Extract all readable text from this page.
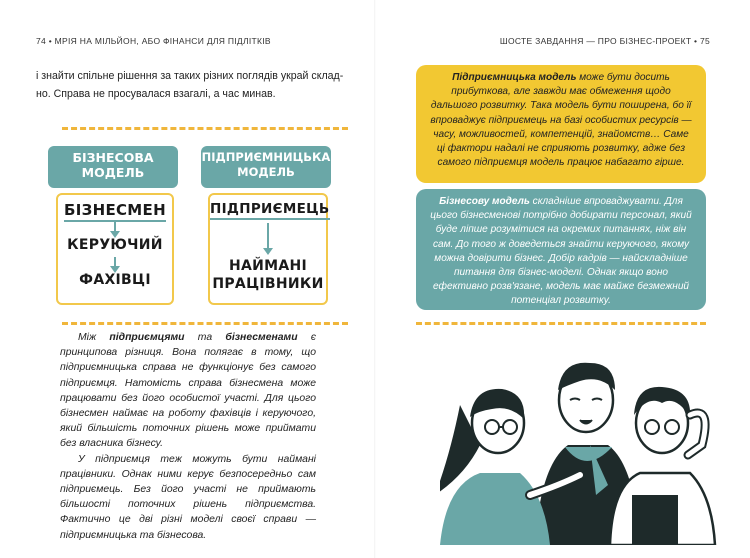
74 • МРІЯ НА МІЛЬЙОН, АБО ФІНАНСИ ДЛЯ ПІДЛІТКІВ	ШОСТЕ ЗАВДАННЯ — ПРО БІЗНЕС-ПРОЕКТ • 75
і знайти спільне рішення за таких різних поглядів украй склад-
но. Справа не просувалася взагалі, а час минав.
БІЗНЕСОВА
МОДЕЛЬ
БІЗНЕСМЕН
КЕРУЮЧИЙ
ФАХІВЦІ
ПІДПРИЄМНИЦЬКА
МОДЕЛЬ
ПІДПРИЄМЕЦЬ
НАЙМАНІ
ПРАЦІВНИКИ

Між підприємцями та бізнесменами є принципова різниця. Вона полягає в тому, що підприємницька справа не функціонує без самого підприємця. Натомість справа бізнесмена може працювати без його особистої участі. Для цього бізнесмен наймає на роботу фахівців і керуючого, який більшість поточних рішень може приймати без власника бізнесу.

У підприємця теж можуть бути наймані працівники. Однак ними керує безпосередньо сам підприємець. Без його участі не приймають більшості поточних рішень підприємства. Фактично це дві різні моделі своєї справи — підприємницька та бізнесова.

Підприємницька модель може бути досить прибуткова, але завжди має обмеження щодо дальшого розвитку. Така модель бути поширена, бо її впроваджує підприємець на базі особистих ресурсів — часу, можливостей, компетенцій, знайомств… Саме ці фактори надалі не сприяють розвитку, адже без самого підприємця модель працює набагато гірше.
Бізнесову модель складніше впроваджувати. Для цього бізнесменові потрібно добирати персонал, який буде ліпше розумітися на окремих питаннях, ніж він сам. До того ж доведеться знайти керуючого, якому можна довірити бізнес. Добір кадрів — найскладніше питання для бізнес-моделі. Однак якщо воно ефективно розв'язане, модель має майже безмежний потенціал розвитку.
